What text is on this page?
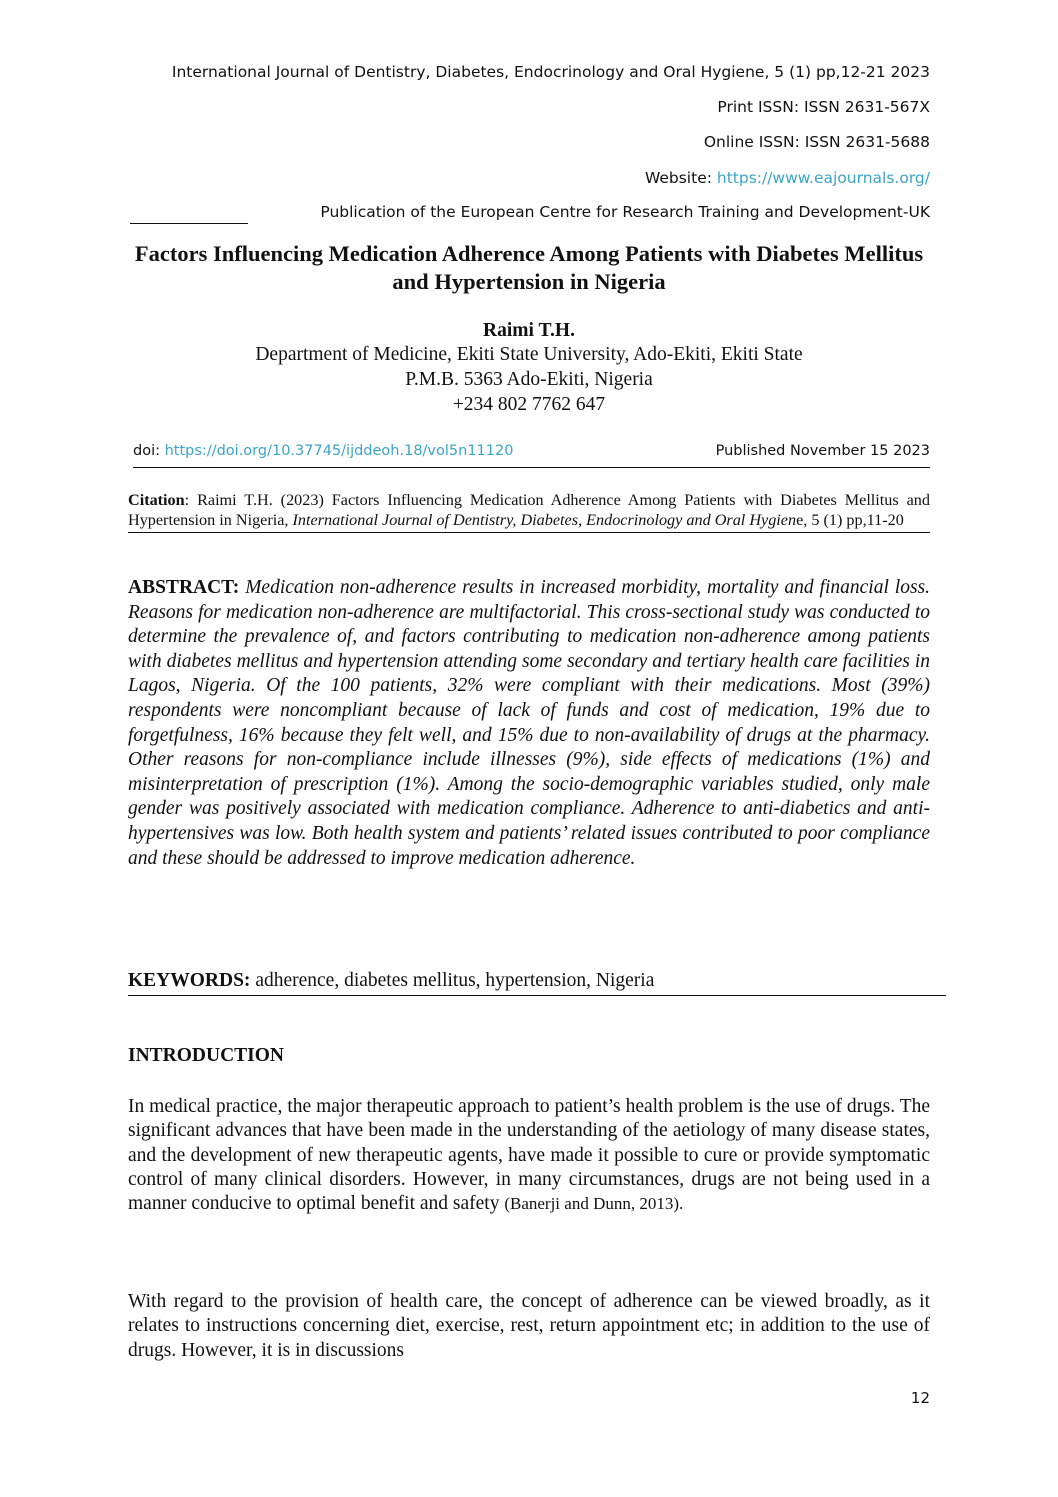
International Journal of Dentistry, Diabetes, Endocrinology and Oral Hygiene, 5 (1) pp,12-21 2023
Print ISSN: ISSN 2631-567X
Online ISSN: ISSN 2631-5688
Website: https://www.eajournals.org/
Publication of the European Centre for Research Training and Development-UK
Factors Influencing Medication Adherence Among Patients with Diabetes Mellitus and Hypertension in Nigeria
Raimi T.H.
Department of Medicine, Ekiti State University, Ado-Ekiti, Ekiti State
P.M.B. 5363 Ado-Ekiti, Nigeria
+234 802 7762 647
doi: https://doi.org/10.37745/ijddeoh.18/vol5n11120	Published November 15 2023
Citation: Raimi T.H. (2023) Factors Influencing Medication Adherence Among Patients with Diabetes Mellitus and Hypertension in Nigeria, International Journal of Dentistry, Diabetes, Endocrinology and Oral Hygiene, 5 (1) pp,11-20
ABSTRACT: Medication non-adherence results in increased morbidity, mortality and financial loss. Reasons for medication non-adherence are multifactorial. This cross-sectional study was conducted to determine the prevalence of, and factors contributing to medication non-adherence among patients with diabetes mellitus and hypertension attending some secondary and tertiary health care facilities in Lagos, Nigeria. Of the 100 patients, 32% were compliant with their medications. Most (39%) respondents were noncompliant because of lack of funds and cost of medication, 19% due to forgetfulness, 16% because they felt well, and 15% due to non-availability of drugs at the pharmacy. Other reasons for non-compliance include illnesses (9%), side effects of medications (1%) and misinterpretation of prescription (1%). Among the socio-demographic variables studied, only male gender was positively associated with medication compliance. Adherence to anti-diabetics and anti-hypertensives was low. Both health system and patients’ related issues contributed to poor compliance and these should be addressed to improve medication adherence.
KEYWORDS: adherence, diabetes mellitus, hypertension, Nigeria
INTRODUCTION
In medical practice, the major therapeutic approach to patient’s health problem is the use of drugs. The significant advances that have been made in the understanding of the aetiology of many disease states, and the development of new therapeutic agents, have made it possible to cure or provide symptomatic control of many clinical disorders. However, in many circumstances, drugs are not being used in a manner conducive to optimal benefit and safety (Banerji and Dunn, 2013).
With regard to the provision of health care, the concept of adherence can be viewed broadly, as it relates to instructions concerning diet, exercise, rest, return appointment etc; in addition to the use of drugs. However, it is in discussions
12
